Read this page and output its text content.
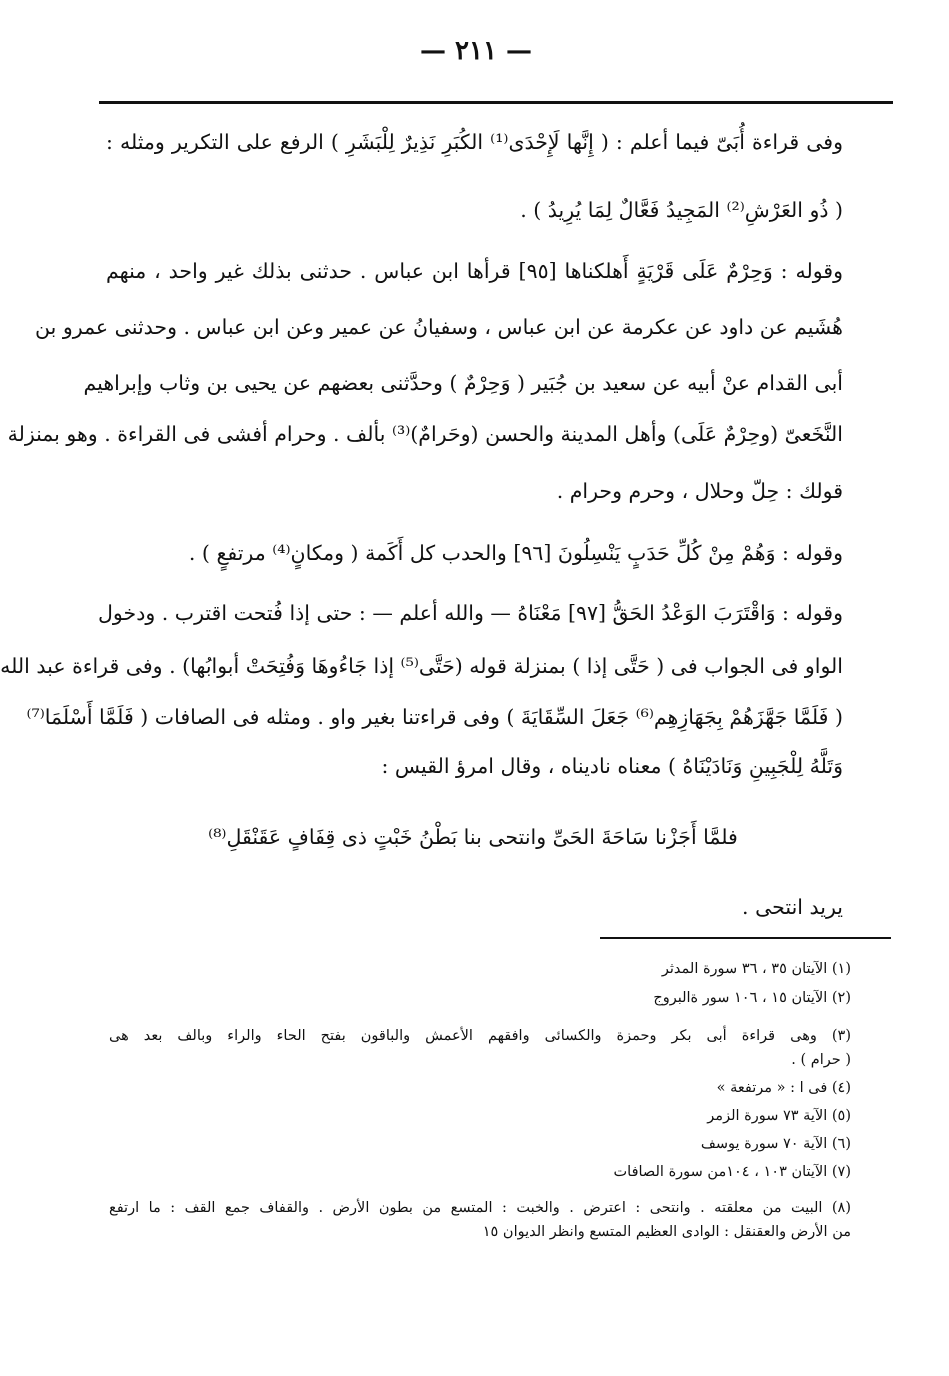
— ٢١١ —
وفى قراءة أُبَىّ فيما أعلم : ( إِنَّها لَإِحْدَى⁽¹⁾ الكُبَرِ نَذِيرٌ لِلْبَشَرِ ) الرفع على التكرير ومثله :
( ذُو العَرْشِ⁽²⁾ المَجِيدُ فَعَّالٌ لِمَا يُرِيدُ ) .
وقوله : وَحِرْمٌ عَلَى قَرْيَةٍ أَهلكناها [٩٥] قرأها ابن عباس . حدثنى بذلك غير واحد ، منهم
هُشَيم عن داود عن عكرمة عن ابن عباس ، وسفيانُ عن عمير وعن ابن عباس . وحدثنى عمرو بن
أبى القدام عنْ أبيه عن سعيد بن جُبَير ( وَحِرْمٌ ) وحدَّثنى بعضهم عن يحيى بن وثاب وإبراهيم
النَّخَعىّ (وحِرْمٌ عَلَى) وأهل المدينة والحسن (وحَرامٌ)⁽³⁾ بألف . وحرام أفشى فى القراءة . وهو بمنزلة
قولك : حِلّ وحلال ، وحرم وحرام .
وقوله : وَهُمْ مِنْ كُلِّ حَدَبٍ يَنْسِلُونَ [٩٦] والحدب كل أَكَمة ( ومكانٍ⁽⁴⁾ مرتفعٍ ) .
وقوله : وَاقْتَرَبَ الوَعْدُ الحَقُّ [٩٧] مَعْنَاهُ — والله أعلم — : حتى إذا فُتحت اقترب . ودخول
الواو فى الجواب فى ( حَتَّى إذا ) بمنزلة قوله (حَتَّى⁽⁵⁾ إذا جَاءُوهَا وَفُتِحَتْ أبوابُها) . وفى قراءة عبد الله
( فَلَمَّا جَهَّزَهُمْ بِجَهَازِهِم⁽⁶⁾ جَعَلَ السِّقَايَةَ ) وفى قراءتنا بغير واو . ومثله فى الصافات ( فَلَمَّا أَسْلَمَا⁽⁷⁾
وَتَلَّهُ لِلْجَبِينِ وَنَادَيْنَاهُ ) معناه ناديناه ، وقال امرؤ القيس :
فلمَّا أَجَزْنا سَاحَةَ الحَىِّ وانتحى بنا بَطْنُ خَبْتٍ ذى قِفَافٍ عَقَنْقَلِ⁽⁸⁾
يريد انتحى .
(١) الآيتان ٣٥ ، ٣٦ سورة المدثر
(٢) الآيتان ١٥ ، ١٠٦ سور ةالبروج
(٣) وهى قراءة أبى بكر وحمزة والكسائى وافقهم الأعمش والباقون بفتح الحاء والراء وبالف بعد هى
( حرام ) .
(٤) فى ا : « مرتفعة »
(٥) الآية ٧٣ سورة الزمر
(٦) الآية ٧٠ سورة يوسف
(٧) الآيتان ١٠٣ ، ١٠٤من سورة الصافات
(٨) البيت من معلقته . وانتحى : اعترض . والخبت : المتسع من بطون الأرض . والقفاف جمع القف : ما ارتفع
من الأرض والعقنقل : الوادى العظيم المتسع وانظر الديوان ١٥
